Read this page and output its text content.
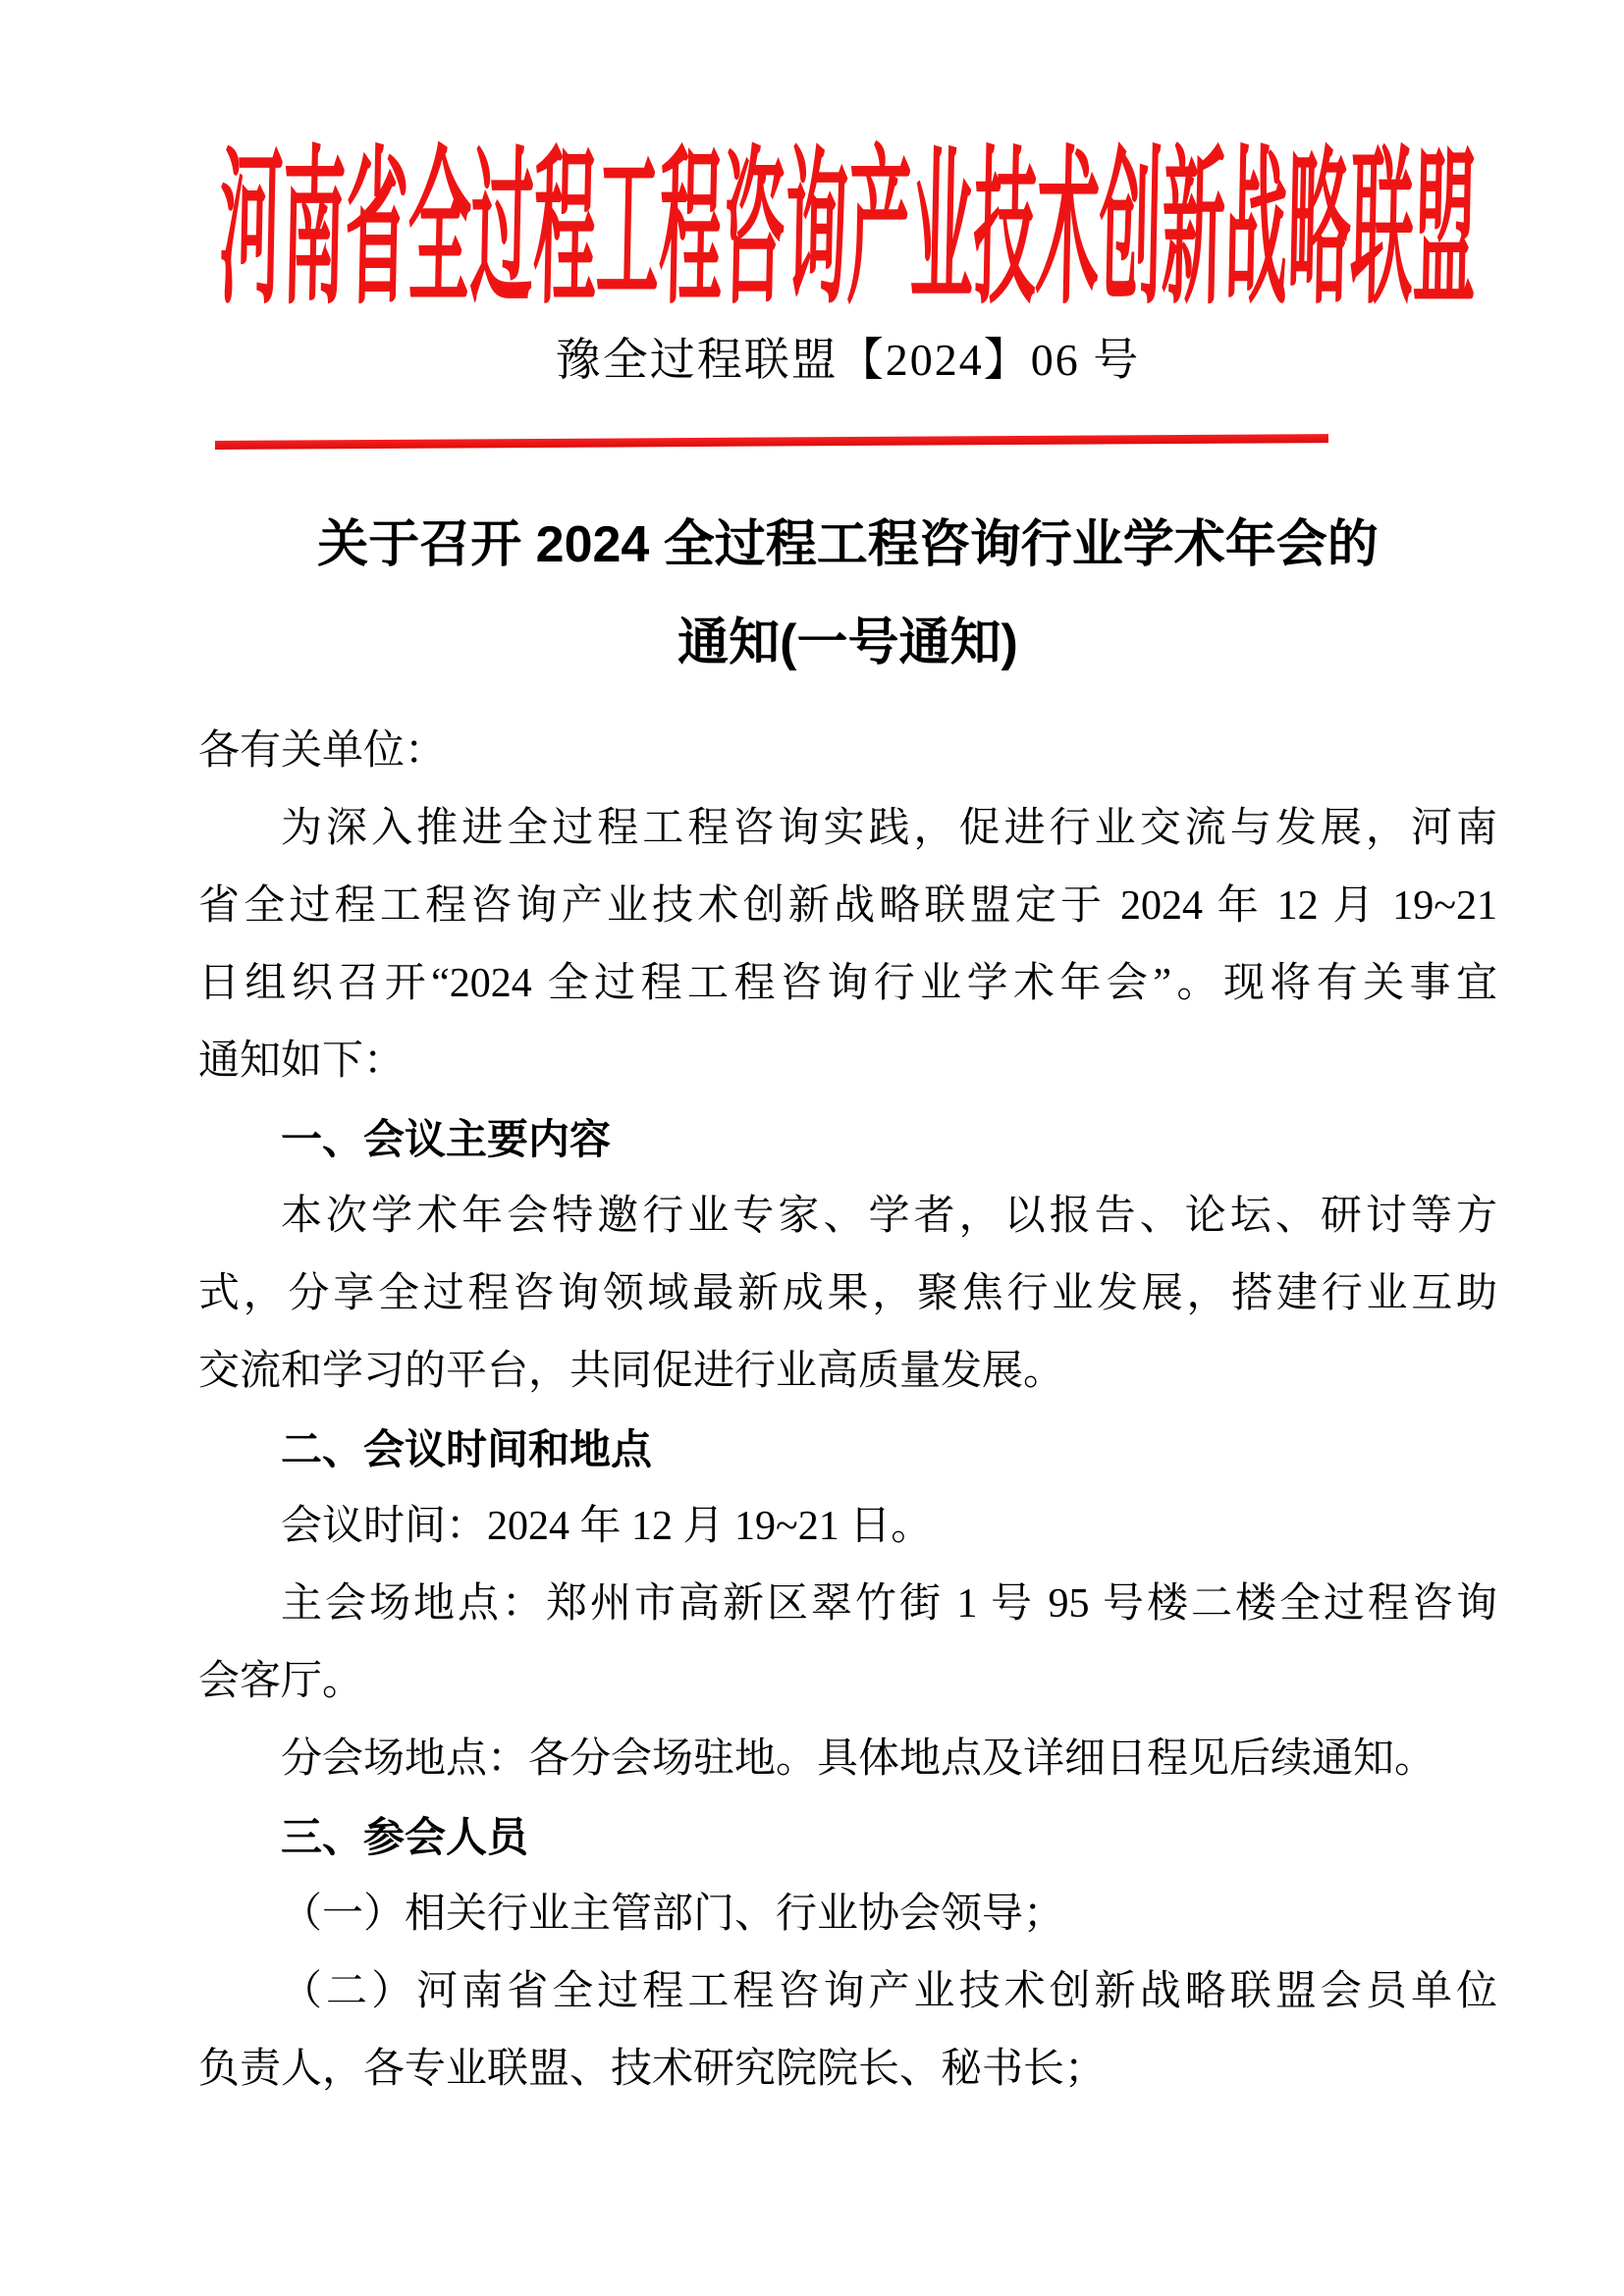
河南省全过程工程咨询产业技术创新战略联盟
豫全过程联盟【2024】06 号
关于召开 2024 全过程工程咨询行业学术年会的
通知(一号通知)

各有关单位：

为深入推进全过程工程咨询实践，促进行业交流与发展，河南
省全过程工程咨询产业技术创新战略联盟定于 2024 年 12 月 19~21
日组织召开“2024 全过程工程咨询行业学术年会”。现将有关事宜
通知如下：

一、会议主要内容

本次学术年会特邀行业专家、学者，以报告、论坛、研讨等方
式，分享全过程咨询领域最新成果，聚焦行业发展，搭建行业互助
交流和学习的平台，共同促进行业高质量发展。

二、会议时间和地点

会议时间：2024 年 12 月 19~21 日。

主会场地点：郑州市高新区翠竹街 1 号 95 号楼二楼全过程咨询
会客厅。

分会场地点：各分会场驻地。具体地点及详细日程见后续通知。

三、参会人员

（一）相关行业主管部门、行业协会领导；

（二）河南省全过程工程咨询产业技术创新战略联盟会员单位
负责人，各专业联盟、技术研究院院长、秘书长；
